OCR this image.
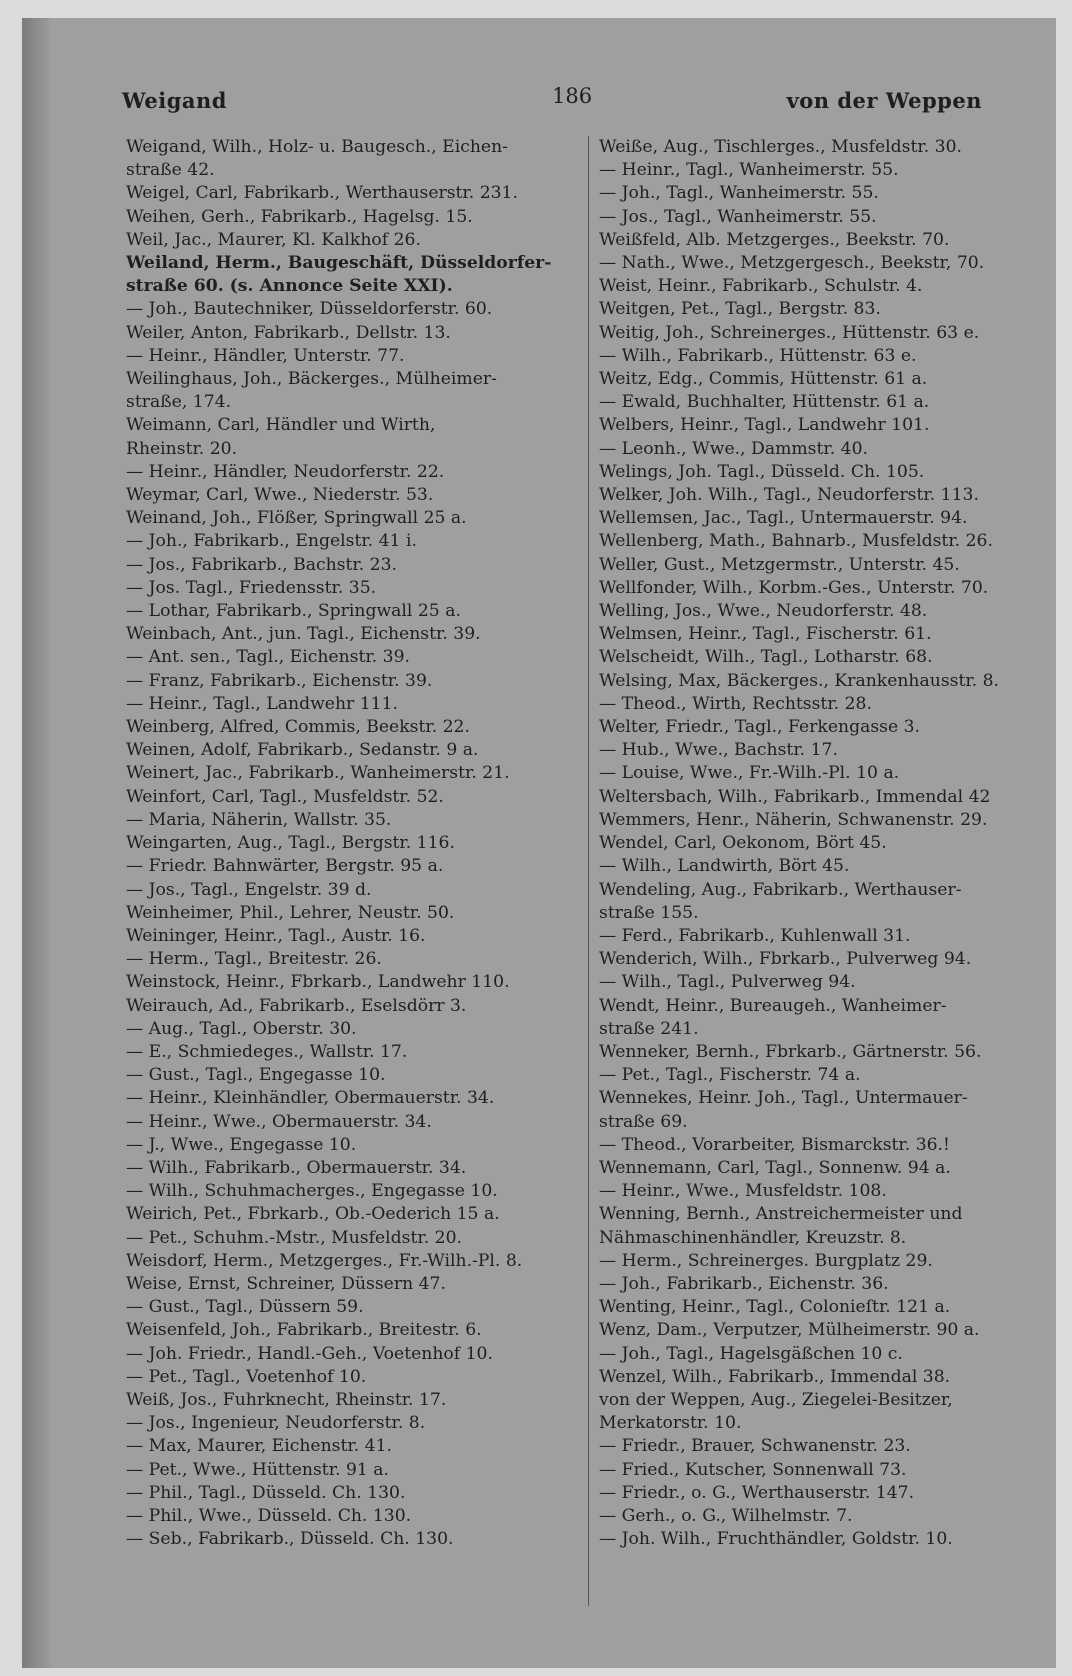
Weigand	186	von der Weppen
Weigand, Wilh., Holz- u. Baugesch., Eichen-
straße 42.
Weigel, Carl, Fabrikarb., Werthauserstr. 231.
Weihen, Gerh., Fabrikarb., Hagelsg. 15.
Weil, Jac., Maurer, Kl. Kalkhof 26.
Weiland, Herm., Baugeschäft, Düsseldorfer-
straße 60. (s. Annonce Seite XXI).
— Joh., Bautechniker, Düsseldorferstr. 60.
Weiler, Anton, Fabrikarb., Dellstr. 13.
— Heinr., Händler, Unterstr. 77.
Weilinghaus, Joh., Bäckerges., Mülheimer-
straße, 174.
Weimann, Carl, Händler und Wirth,
Rheinstr. 20.
— Heinr., Händler, Neudorferstr. 22.
Weymar, Carl, Wwe., Niederstr. 53.
Weinand, Joh., Flößer, Springwall 25 a.
— Joh., Fabrikarb., Engelstr. 41 i.
— Jos., Fabrikarb., Bachstr. 23.
— Jos. Tagl., Friedensstr. 35.
— Lothar, Fabrikarb., Springwall 25 a.
Weinbach, Ant., jun. Tagl., Eichenstr. 39.
— Ant. sen., Tagl., Eichenstr. 39.
— Franz, Fabrikarb., Eichenstr. 39.
— Heinr., Tagl., Landwehr 111.
Weinberg, Alfred, Commis, Beekstr. 22.
Weinen, Adolf, Fabrikarb., Sedanstr. 9 a.
Weinert, Jac., Fabrikarb., Wanheimerstr. 21.
Weinfort, Carl, Tagl., Musfeldstr. 52.
— Maria, Näherin, Wallstr. 35.
Weingarten, Aug., Tagl., Bergstr. 116.
— Friedr. Bahnwärter, Bergstr. 95 a.
— Jos., Tagl., Engelstr. 39 d.
Weinheimer, Phil., Lehrer, Neustr. 50.
Weininger, Heinr., Tagl., Austr. 16.
— Herm., Tagl., Breitestr. 26.
Weinstock, Heinr., Fbrkarb., Landwehr 110.
Weirauch, Ad., Fabrikarb., Eselsdörr 3.
— Aug., Tagl., Oberstr. 30.
— E., Schmiedeges., Wallstr. 17.
— Gust., Tagl., Engegasse 10.
— Heinr., Kleinhändler, Obermauerstr. 34.
— Heinr., Wwe., Obermauerstr. 34.
— J., Wwe., Engegasse 10.
— Wilh., Fabrikarb., Obermauerstr. 34.
— Wilh., Schuhmacherges., Engegasse 10.
Weirich, Pet., Fbrkarb., Ob.-Oederich 15 a.
— Pet., Schuhm.-Mstr., Musfeldstr. 20.
Weisdorf, Herm., Metzgerges., Fr.-Wilh.-Pl. 8.
Weise, Ernst, Schreiner, Düssern 47.
— Gust., Tagl., Düssern 59.
Weisenfeld, Joh., Fabrikarb., Breitestr. 6.
— Joh. Friedr., Handl.-Geh., Voetenhof 10.
— Pet., Tagl., Voetenhof 10.
Weiß, Jos., Fuhrknecht, Rheinstr. 17.
— Jos., Ingenieur, Neudorferstr. 8.
— Max, Maurer, Eichenstr. 41.
— Pet., Wwe., Hüttenstr. 91 a.
— Phil., Tagl., Düsseld. Ch. 130.
— Phil., Wwe., Düsseld. Ch. 130.
— Seb., Fabrikarb., Düsseld. Ch. 130.
Weiße, Aug., Tischlerges., Musfeldstr. 30.
— Heinr., Tagl., Wanheimerstr. 55.
— Joh., Tagl., Wanheimerstr. 55.
— Jos., Tagl., Wanheimerstr. 55.
Weißfeld, Alb. Metzgerges., Beekstr. 70.
— Nath., Wwe., Metzgergesch., Beekstr, 70.
Weist, Heinr., Fabrikarb., Schulstr. 4.
Weitgen, Pet., Tagl., Bergstr. 83.
Weitig, Joh., Schreinerges., Hüttenstr. 63 e.
— Wilh., Fabrikarb., Hüttenstr. 63 e.
Weitz, Edg., Commis, Hüttenstr. 61 a.
— Ewald, Buchhalter, Hüttenstr. 61 a.
Welbers, Heinr., Tagl., Landwehr 101.
— Leonh., Wwe., Dammstr. 40.
Welings, Joh. Tagl., Düsseld. Ch. 105.
Welker, Joh. Wilh., Tagl., Neudorferstr. 113.
Wellemsen, Jac., Tagl., Untermauerstr. 94.
Wellenberg, Math., Bahnarb., Musfeldstr. 26.
Weller, Gust., Metzgermstr., Unterstr. 45.
Wellfonder, Wilh., Korbm.-Ges., Unterstr. 70.
Welling, Jos., Wwe., Neudorferstr. 48.
Welmsen, Heinr., Tagl., Fischerstr. 61.
Welscheidt, Wilh., Tagl., Lotharstr. 68.
Welsing, Max, Bäckerges., Krankenhausstr. 8.
— Theod., Wirth, Rechtsstr. 28.
Welter, Friedr., Tagl., Ferkengasse 3.
— Hub., Wwe., Bachstr. 17.
— Louise, Wwe., Fr.-Wilh.-Pl. 10 a.
Weltersbach, Wilh., Fabrikarb., Immendal 42
Wemmers, Henr., Näherin, Schwanenstr. 29.
Wendel, Carl, Oekonom, Bört 45.
— Wilh., Landwirth, Bört 45.
Wendeling, Aug., Fabrikarb., Werthauser-
straße 155.
— Ferd., Fabrikarb., Kuhlenwall 31.
Wenderich, Wilh., Fbrkarb., Pulverweg 94.
— Wilh., Tagl., Pulverweg 94.
Wendt, Heinr., Bureaugeh., Wanheimer-
straße 241.
Wenneker, Bernh., Fbrkarb., Gärtnerstr. 56.
— Pet., Tagl., Fischerstr. 74 a.
Wennekes, Heinr. Joh., Tagl., Untermauer-
straße 69.
— Theod., Vorarbeiter, Bismarckstr. 36.!
Wennemann, Carl, Tagl., Sonnenw. 94 a.
— Heinr., Wwe., Musfeldstr. 108.
Wenning, Bernh., Anstreichermeister und
Nähmaschinenhändler, Kreuzstr. 8.
— Herm., Schreinerges. Burgplatz 29.
— Joh., Fabrikarb., Eichenstr. 36.
Wenting, Heinr., Tagl., Colonieſtr. 121 a.
Wenz, Dam., Verputzer, Mülheimerstr. 90 a.
— Joh., Tagl., Hagelsgäßchen 10 c.
Wenzel, Wilh., Fabrikarb., Immendal 38.
von der Weppen, Aug., Ziegelei-Besitzer,
Merkatorstr. 10.
— Friedr., Brauer, Schwanenstr. 23.
— Fried., Kutscher, Sonnenwall 73.
— Friedr., o. G., Werthauserstr. 147.
— Gerh., o. G., Wilhelmstr. 7.
— Joh. Wilh., Fruchthändler, Goldstr. 10.
